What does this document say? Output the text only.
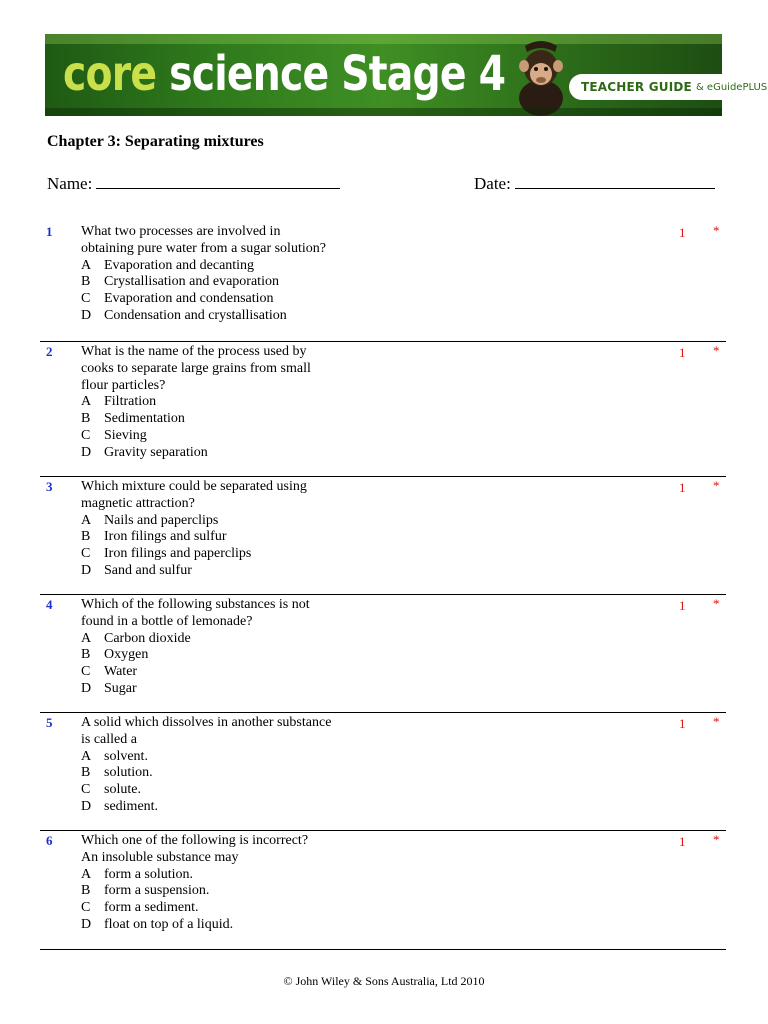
core science Stage 4	TEACHER GUIDE & eGuidePLUS
Chapter 3: Separating mixtures
Name:	Date:
1 What two processes are involved in
obtaining pure water from a sugar solution?
A Evaporation and decanting
B Crystallisation and evaporation
C Evaporation and condensation
D Condensation and crystallisation
1 *
2 What is the name of the process used by
cooks to separate large grains from small
flour particles?
A Filtration
B Sedimentation
C Sieving
D Gravity separation
1 *
3 Which mixture could be separated using
magnetic attraction?
A Nails and paperclips
B Iron filings and sulfur
C Iron filings and paperclips
D Sand and sulfur
1 *
4 Which of the following substances is not
found in a bottle of lemonade?
A Carbon dioxide
B Oxygen
C Water
D Sugar
1 *
5 A solid which dissolves in another substance
is called a
A solvent.
B solution.
C solute.
D sediment.
1 *
6 Which one of the following is incorrect?
An insoluble substance may
A form a solution.
B form a suspension.
C form a sediment.
D float on top of a liquid.
1 *
© John Wiley & Sons Australia, Ltd 2010
